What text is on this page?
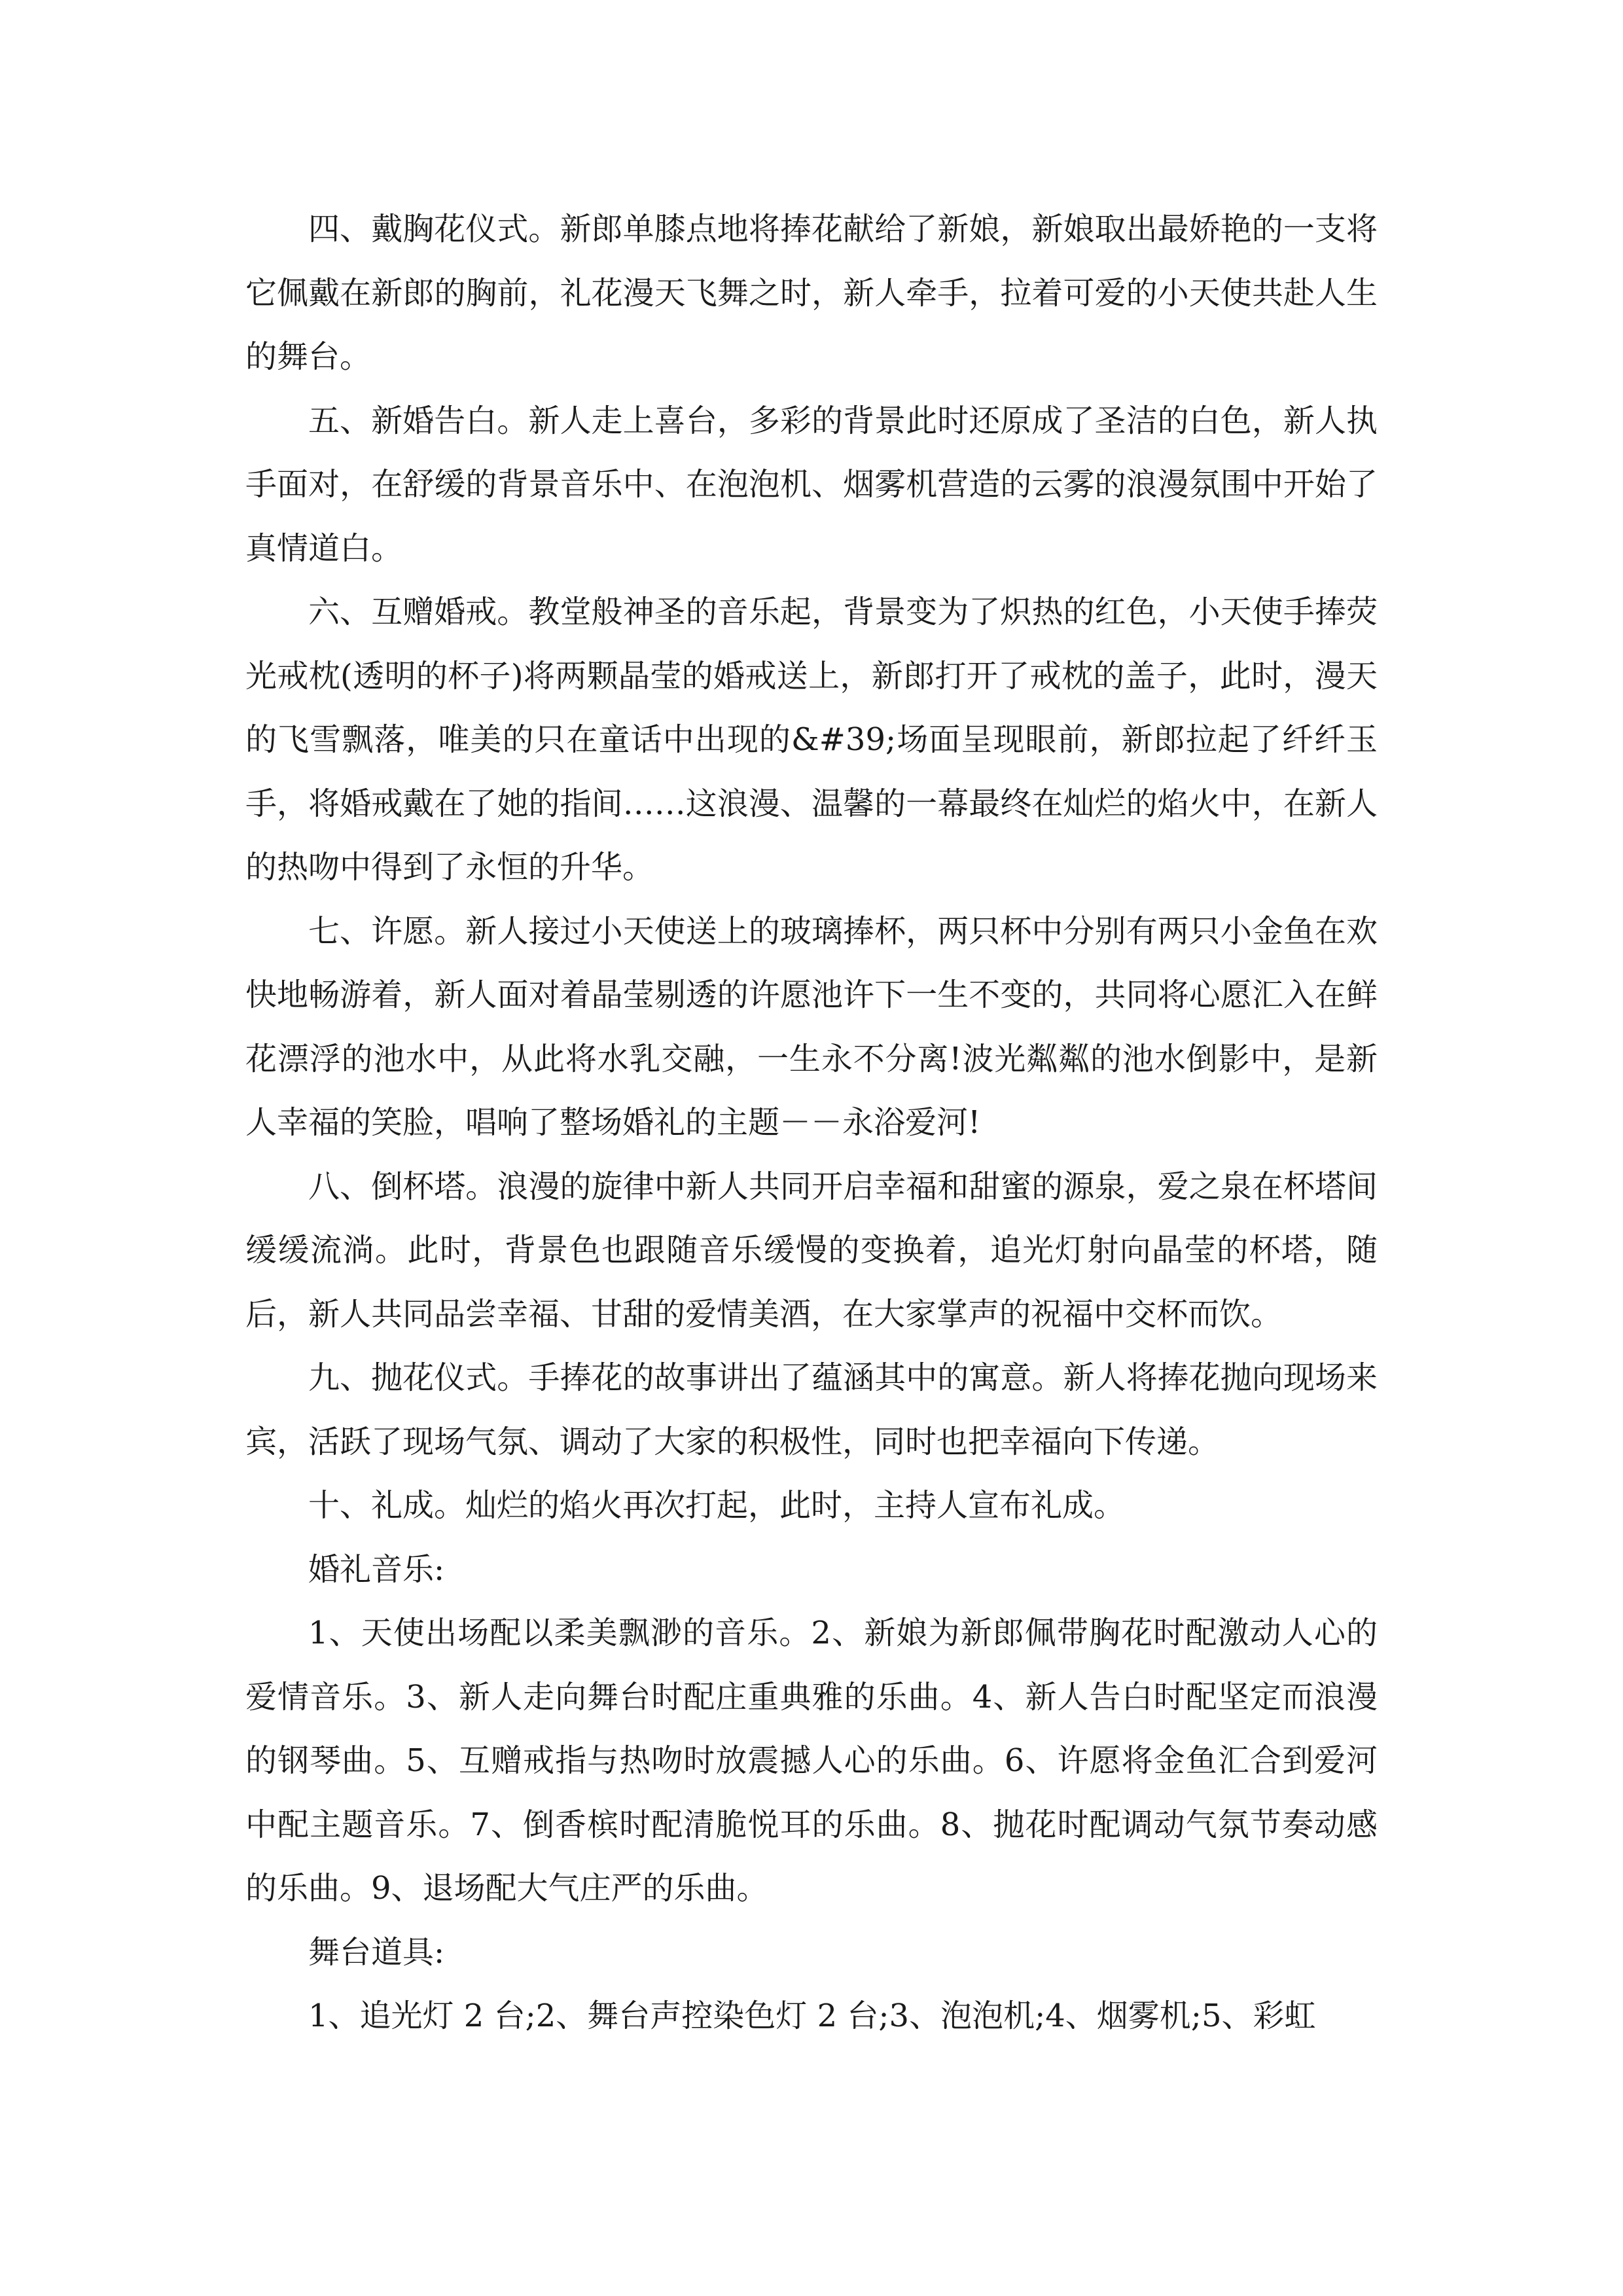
四、戴胸花仪式。新郎单膝点地将捧花献给了新娘，新娘取出最娇艳的一支将它佩戴在新郎的胸前，礼花漫天飞舞之时，新人牵手，拉着可爱的小天使共赴人生的舞台。

五、新婚告白。新人走上喜台，多彩的背景此时还原成了圣洁的白色，新人执手面对，在舒缓的背景音乐中、在泡泡机、烟雾机营造的云雾的浪漫氛围中开始了真情道白。

六、互赠婚戒。教堂般神圣的音乐起，背景变为了炽热的红色，小天使手捧荧光戒枕(透明的杯子)将两颗晶莹的婚戒送上，新郎打开了戒枕的盖子，此时，漫天的飞雪飘落，唯美的只在童话中出现的&#39;场面呈现眼前，新郎拉起了纤纤玉手，将婚戒戴在了她的指间……这浪漫、温馨的一幕最终在灿烂的焰火中，在新人的热吻中得到了永恒的升华。

七、许愿。新人接过小天使送上的玻璃捧杯，两只杯中分别有两只小金鱼在欢快地畅游着，新人面对着晶莹剔透的许愿池许下一生不变的，共同将心愿汇入在鲜花漂浮的池水中，从此将水乳交融，一生永不分离!波光粼粼的池水倒影中，是新人幸福的笑脸，唱响了整场婚礼的主题－－永浴爱河!

八、倒杯塔。浪漫的旋律中新人共同开启幸福和甜蜜的源泉，爱之泉在杯塔间缓缓流淌。此时，背景色也跟随音乐缓慢的变换着，追光灯射向晶莹的杯塔，随后，新人共同品尝幸福、甘甜的爱情美酒，在大家掌声的祝福中交杯而饮。

九、抛花仪式。手捧花的故事讲出了蕴涵其中的寓意。新人将捧花抛向现场来宾，活跃了现场气氛、调动了大家的积极性，同时也把幸福向下传递。

十、礼成。灿烂的焰火再次打起，此时，主持人宣布礼成。

婚礼音乐:

1、天使出场配以柔美飘渺的音乐。2、新娘为新郎佩带胸花时配激动人心的爱情音乐。3、新人走向舞台时配庄重典雅的乐曲。4、新人告白时配坚定而浪漫的钢琴曲。5、互赠戒指与热吻时放震撼人心的乐曲。6、许愿将金鱼汇合到爱河中配主题音乐。7、倒香槟时配清脆悦耳的乐曲。8、抛花时配调动气氛节奏动感的乐曲。9、退场配大气庄严的乐曲。

舞台道具:

1、追光灯 2 台;2、舞台声控染色灯 2 台;3、泡泡机;4、烟雾机;5、彩虹
